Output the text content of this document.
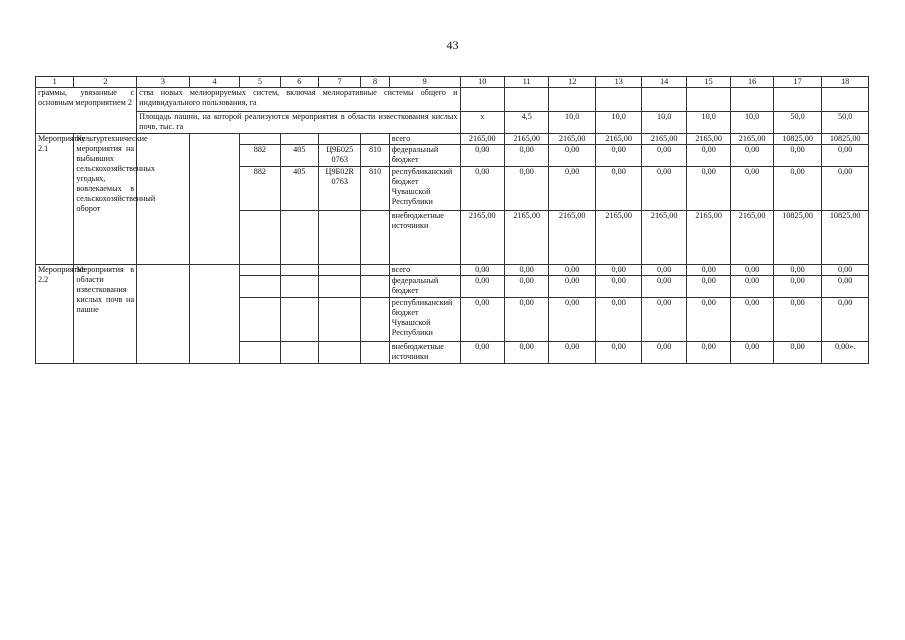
43
1	2	3	4	5	6	7	8	9	10	11	12	13	14	15	16	17	18
граммы, увязанные с основным мероприятием 2		ства новых мелиорируемых систем, включая мелиоративные системы общего и индивидуального пользования, га															
		Площадь пашни, на которой реализуются мероприятия в области известкования кислых почв, тыс. га							х	4,5	10,0	10,0	10,0	10,0	10,0	50,0	50,0
Мероприятие 2.1	Культуртехнические мероприятия на выбывших сельскохозяйственных угодьях, вовлекаемых в сельскохозяйственный оборот							всего	2165,00	2165,00	2165,00	2165,00	2165,00	2165,00	2165,00	10825,00	10825,00
				882	405	Ц9Б025 0763	810	федеральный бюджет	0,00	0,00	0,00	0,00	0,00	0,00	0,00	0,00	0,00
				882	405	Ц9Б02R 0763	810	республиканский бюджет Чувашской Республики	0,00	0,00	0,00	0,00	0,00	0,00	0,00	0,00	0,00
								внебюджетные источники	2165,00	2165,00	2165,00	2165,00	2165,00	2165,00	2165,00	10825,00	10825,00
Мероприятие 2.2	Мероприятия в области известкования кислых почв на пашне							всего	0,00	0,00	0,00	0,00	0,00	0,00	0,00	0,00	0,00
								федеральный бюджет	0,00	0,00	0,00	0,00	0,00	0,00	0,00	0,00	0,00
								республиканский бюджет Чувашской Республики	0,00	0,00	0,00	0,00	0,00	0,00	0,00	0,00	0,00
								внебюджетные источники	0,00	0,00	0,00	0,00	0,00	0,00	0,00	0,00	0,00».
